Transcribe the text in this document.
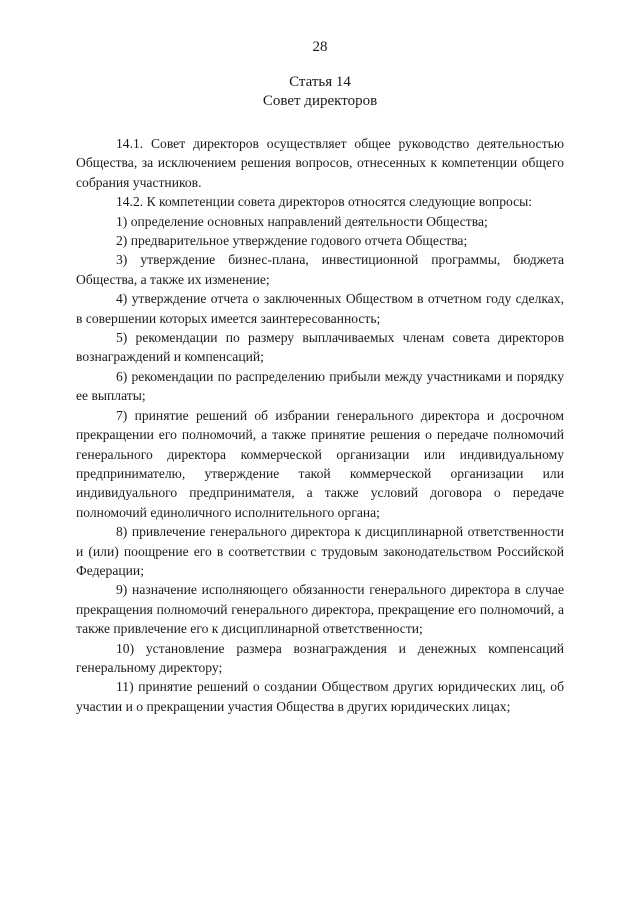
28
Статья 14
Совет директоров

14.1. Совет директоров осуществляет общее руководство деятельностью Общества, за исключением решения вопросов, отнесенных к компетенции общего собрания участников.

14.2. К компетенции совета директоров относятся следующие вопросы:

1) определение основных направлений деятельности Общества;

2) предварительное утверждение годового отчета Общества;

3) утверждение бизнес-плана, инвестиционной программы, бюджета Общества, а также их изменение;

4) утверждение отчета о заключенных Обществом в отчетном году сделках, в совершении которых имеется заинтересованность;

5) рекомендации по размеру выплачиваемых членам совета директоров вознаграждений и компенсаций;

6) рекомендации по распределению прибыли между участниками и порядку ее выплаты;

7) принятие решений об избрании генерального директора и досрочном прекращении его полномочий, а также принятие решения о передаче полномочий генерального директора коммерческой организации или индивидуальному предпринимателю, утверждение такой коммерческой организации или индивидуального предпринимателя, а также условий договора о передаче полномочий единоличного исполнительного органа;

8) привлечение генерального директора к дисциплинарной ответственности и (или) поощрение его в соответствии с трудовым законодательством Российской Федерации;

9) назначение исполняющего обязанности генерального директора в случае прекращения полномочий генерального директора, прекращение его полномочий, а также привлечение его к дисциплинарной ответственности;

10) установление размера вознаграждения и денежных компенсаций генеральному директору;

11) принятие решений о создании Обществом других юридических лиц, об участии и о прекращении участия Общества в других юридических лицах;
